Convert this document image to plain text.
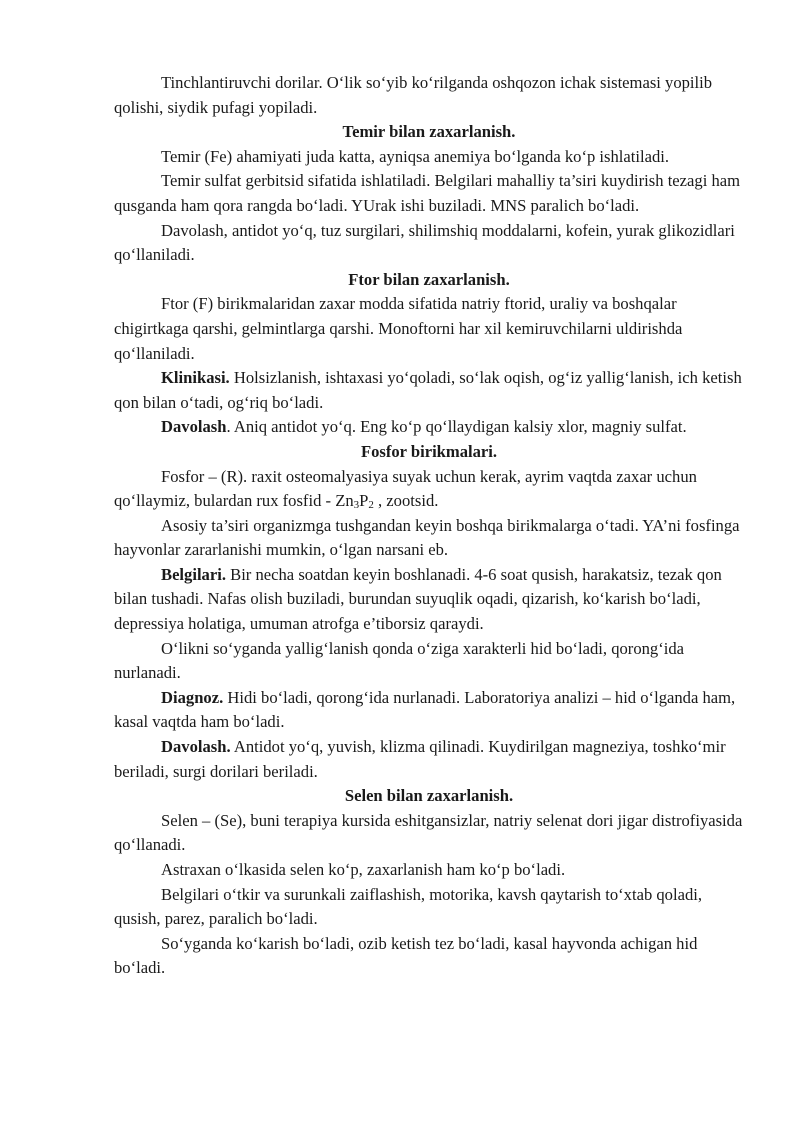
Tinchlantiruvchi dorilar. O‘lik so‘yib ko‘rilganda oshqozon ichak sistemasi yopilib qolishi, siydik pufagi yopiladi.

Temir bilan zaxarlanish.

Temir (Fe) ahamiyati juda katta, ayniqsa anemiya bo‘lganda ko‘p ishlatiladi.

Temir sulfat gerbitsid sifatida ishlatiladi. Belgilari mahalliy ta’siri kuydirish tezagi ham qusganda ham qora rangda bo‘ladi. YUrak ishi buziladi. MNS paralich bo‘ladi.

Davolash, antidot yo‘q, tuz surgilari, shilimshiq moddalarni, kofein, yurak glikozidlari qo‘llaniladi.

Ftor bilan zaxarlanish.

Ftor (F) birikmalaridan zaxar modda sifatida natriy ftorid, uraliy va boshqalar chigirtkaga qarshi, gelmintlarga qarshi. Monoftorni har xil kemiruvchilarni uldirishda qo‘llaniladi.

Klinikasi. Holsizlanish, ishtaxasi yo‘qoladi, so‘lak oqish, og‘iz yallig‘lanish, ich ketish qon bilan o‘tadi, og‘riq bo‘ladi.

Davolash. Aniq antidot yo‘q. Eng ko‘p qo‘llaydigan kalsiy xlor, magniy sulfat.

Fosfor birikmalari.

Fosfor – (R). raxit osteomalyasiya suyak uchun kerak, ayrim vaqtda zaxar uchun qo‘llaymiz, bulardan rux fosfid - Zn3P2 , zootsid.

Asosiy ta’siri organizmga tushgandan keyin boshqa birikmalarga o‘tadi. YA’ni fosfinga hayvonlar zararlanishi mumkin, o‘lgan narsani eb.

Belgilari. Bir necha soatdan keyin boshlanadi. 4-6 soat qusish, harakatsiz, tezak qon bilan tushadi. Nafas olish buziladi, burundan suyuqlik oqadi, qizarish, ko‘karish bo‘ladi, depressiya holatiga, umuman atrofga e’tiborsiz qaraydi.

O‘likni so‘yganda yallig‘lanish qonda o‘ziga xarakterli hid bo‘ladi, qorong‘ida nurlanadi.

Diagnoz. Hidi bo‘ladi, qorong‘ida nurlanadi. Laboratoriya analizi – hid o‘lganda ham, kasal vaqtda ham bo‘ladi.

Davolash. Antidot yo‘q, yuvish, klizma qilinadi. Kuydirilgan magneziya, toshko‘mir beriladi, surgi dorilari beriladi.

Selen bilan zaxarlanish.

Selen – (Se), buni terapiya kursida eshitgansizlar, natriy selenat dori jigar distrofiyasida qo‘llanadi.

Astraxan o‘lkasida selen ko‘p, zaxarlanish ham ko‘p bo‘ladi.

Belgilari o‘tkir va surunkali zaiflashish, motorika, kavsh qaytarish to‘xtab qoladi, qusish, parez, paralich bo‘ladi.

So‘yganda ko‘karish bo‘ladi, ozib ketish tez bo‘ladi, kasal hayvonda achigan hid bo‘ladi.
